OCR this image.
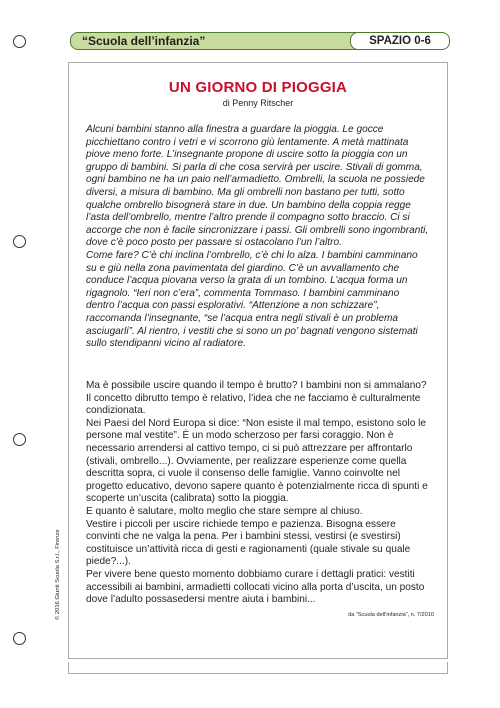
“Scuola dell’infanzia”	SPAZIO 0-6
UN GIORNO DI PIOGGIA
di Penny Ritscher

Alcuni bambini stanno alla finestra a guardare la pioggia. Le gocce picchiettano contro i vetri e vi scorrono giù lentamente. A metà mattinata piove meno forte. L’insegnante propone di uscire sotto la pioggia con un gruppo di bambini. Si parla di che cosa servirà per uscire. Stivali di gomma, ogni bambino ne ha un paio nell’armadietto. Ombrelli, la scuola ne possiede diversi, a misura di bambino. Ma gli ombrelli non bastano per tutti, sotto qualche ombrello bisognerà stare in due. Un bambino della coppia regge l’asta dell’ombrello, mentre l’altro prende il compagno sotto braccio. Ci si accorge che non è facile sincronizzare i passi. Gli ombrelli sono ingombranti, dove c’è poco posto per passare si ostacolano l’un l’altro.

Come fare? C’è chi inclina l’ombrello, c’è chi lo alza. I bambini camminano su e giù nella zona pavimentata del giardino. C’è un avvallamento che conduce l’acqua piovana verso la grata di un tombino. L’acqua forma un rigagnolo. “Ieri non c’era”, commenta Tommaso. I bambini camminano dentro l’acqua con passi esplorativi. “Attenzione a non schizzare”, raccomanda l’insegnante, “se l’acqua entra negli stivali è un problema asciugarli”. Al rientro, i vestiti che si sono un po’ bagnati vengono sistemati sullo stendipanni vicino al radiatore.

Ma è possibile uscire quando il tempo è brutto? I bambini non si ammalano? Il concetto dibrutto tempo è relativo, l’idea che ne facciamo è culturalmente condizionata.

Nei Paesi del Nord Europa si dice: “Non esiste il mal tempo, esistono solo le persone mal vestite”. È un modo scherzoso per farsi coraggio. Non è necessario arrendersi al cattivo tempo, ci si può attrezzare per affrontarlo (stivali, ombrello...). Ovviamente, per realizzare esperienze come quella descritta sopra, ci vuole il consenso delle famiglie. Vanno coinvolte nel progetto educativo, devono sapere quanto è potenzialmente ricca di spunti e scoperte un’uscita (calibrata) sotto la pioggia.

E quanto è salutare, molto meglio che stare sempre al chiuso.

Vestire i piccoli per uscire richiede tempo e pazienza. Bisogna essere convinti che ne valga la pena. Per i bambini stessi, vestirsi (e svestirsi) costituisce un’attività ricca di gesti e ragionamenti (quale stivale su quale piede?...).

Per vivere bene questo momento dobbiamo curare i dettagli pratici: vestiti accessibili ai bambini, armadietti collocati vicino alla porta d’uscita, un posto dove l’adulto possasedersi mentre aiuta i bambini...

da “Scuola dell’infanzia”, n. 7/2010
© 2016 Giunti Scuola S.r.l., Firenze
